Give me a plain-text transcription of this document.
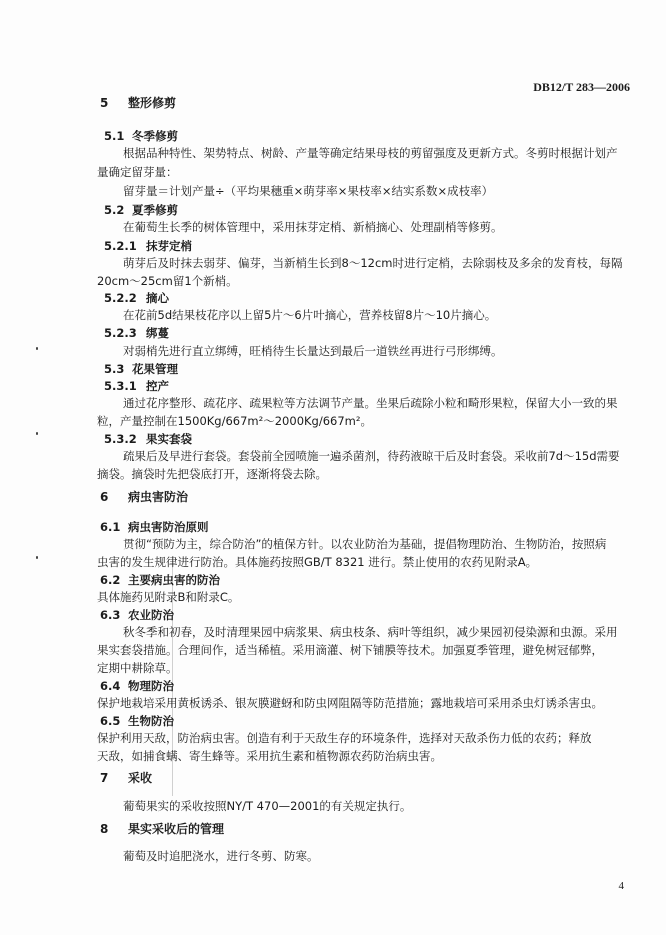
DB12/T 283—2006
5 整形修剪
5.1 冬季修剪
根据品种特性、架势特点、树龄、产量等确定结果母枝的剪留强度及更新方式。冬剪时根据计划产
量确定留芽量：
留芽量＝计划产量÷（平均果穗重×萌芽率×果枝率×结实系数×成枝率）
5.2 夏季修剪
在葡萄生长季的树体管理中，采用抹芽定梢、新梢摘心、处理副梢等修剪。
5.2.1 抹芽定梢
萌芽后及时抹去弱芽、偏芽，当新梢生长到8～12cm时进行定梢，去除弱枝及多余的发育枝，每隔
20cm～25cm留1个新梢。
5.2.2 摘心
在花前5d结果枝花序以上留5片～6片叶摘心，营养枝留8片～10片摘心。
5.2.3 绑蔓
对弱梢先进行直立绑缚，旺梢待生长量达到最后一道铁丝再进行弓形绑缚。
5.3 花果管理
5.3.1 控产
通过花序整形、疏花序、疏果粒等方法调节产量。坐果后疏除小粒和畸形果粒，保留大小一致的果
粒，产量控制在1500Kg/667m²～2000Kg/667m²。
5.3.2 果实套袋
疏果后及早进行套袋。套袋前全园喷施一遍杀菌剂，待药液晾干后及时套袋。采收前7d～15d需要
摘袋。摘袋时先把袋底打开，逐渐将袋去除。
6 病虫害防治
6.1 病虫害防治原则
贯彻“预防为主，综合防治”的植保方针。以农业防治为基础，提倡物理防治、生物防治，按照病
虫害的发生规律进行防治。具体施药按照GB/T 8321 进行。禁止使用的农药见附录A。
6.2 主要病虫害的防治
具体施药见附录B和附录C。
6.3 农业防治
秋冬季和初春，及时清理果园中病浆果、病虫枝条、病叶等组织，减少果园初侵染源和虫源。采用
果实套袋措施。合理间作，适当稀植。采用滴灌、树下铺膜等技术。加强夏季管理，避免树冠郁弊，
定期中耕除草。
6.4 物理防治
保护地栽培采用黄板诱杀、银灰膜避蚜和防虫网阻隔等防范措施；露地栽培可采用杀虫灯诱杀害虫。
6.5 生物防治
保护利用天敌，防治病虫害。创造有利于天敌生存的环境条件，选择对天敌杀伤力低的农药；释放
天敌，如捕食螨、寄生蜂等。采用抗生素和植物源农药防治病虫害。
7 采收
葡萄果实的采收按照NY/T 470—2001的有关规定执行。
8 果实采收后的管理
葡萄及时追肥浇水，进行冬剪、防寒。
4
